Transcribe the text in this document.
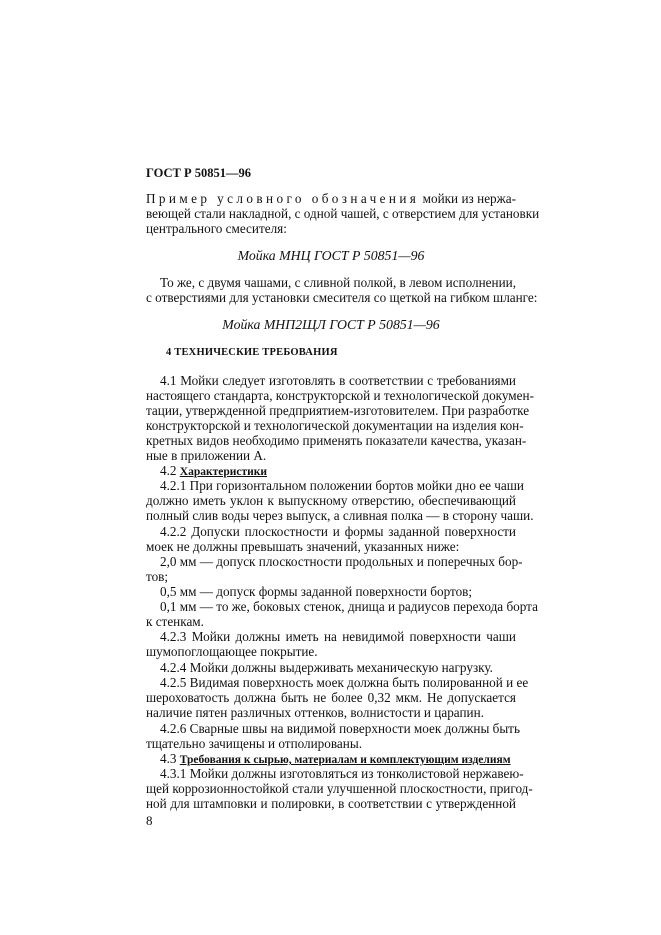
ГОСТ Р 50851—96
Пример условного обозначения мойки из нержа-
веющей стали накладной, с одной чашей, с отверстием для установки
центрального смесителя:
Мойка МНЦ ГОСТ Р 50851—96
То же, с двумя чашами, с сливной полкой, в левом исполнении,
с отверстиями для установки смесителя со щеткой на гибком шланге:
Мойка МНП2ЩЛ ГОСТ Р 50851—96
4 ТЕХНИЧЕСКИЕ ТРЕБОВАНИЯ
4.1 Мойки следует изготовлять в соответствии с требованиями
настоящего стандарта, конструкторской и технологической докумен-
тации, утвержденной предприятием-изготовителем. При разработке
конструкторской и технологической документации на изделия кон-
кретных видов необходимо применять показатели качества, указан-
ные в приложении А.
4.2 Характеристики
4.2.1 При горизонтальном положении бортов мойки дно ее чаши
должно иметь уклон к выпускному отверстию, обеспечивающий
полный слив воды через выпуск, а сливная полка — в сторону чаши.
4.2.2 Допуски плоскостности и формы заданной поверхности
моек не должны превышать значений, указанных ниже:
2,0 мм — допуск плоскостности продольных и поперечных бор-
тов;
0,5 мм — допуск формы заданной поверхности бортов;
0,1 мм — то же, боковых стенок, днища и радиусов перехода борта
к стенкам.
4.2.3 Мойки должны иметь на невидимой поверхности чаши
шумопоглощающее покрытие.
4.2.4 Мойки должны выдерживать механическую нагрузку.
4.2.5 Видимая поверхность моек должна быть полированной и ее
шероховатость должна быть не более 0,32 мкм. Не допускается
наличие пятен различных оттенков, волнистости и царапин.
4.2.6 Сварные швы на видимой поверхности моек должны быть
тщательно зачищены и отполированы.
4.3 Требования к сырью, материалам и комплектующим изделиям
4.3.1 Мойки должны изготовляться из тонколистовой нержавею-
щей коррозионностойкой стали улучшенной плоскостности, пригод-
ной для штамповки и полировки, в соответствии с утвержденной
8
